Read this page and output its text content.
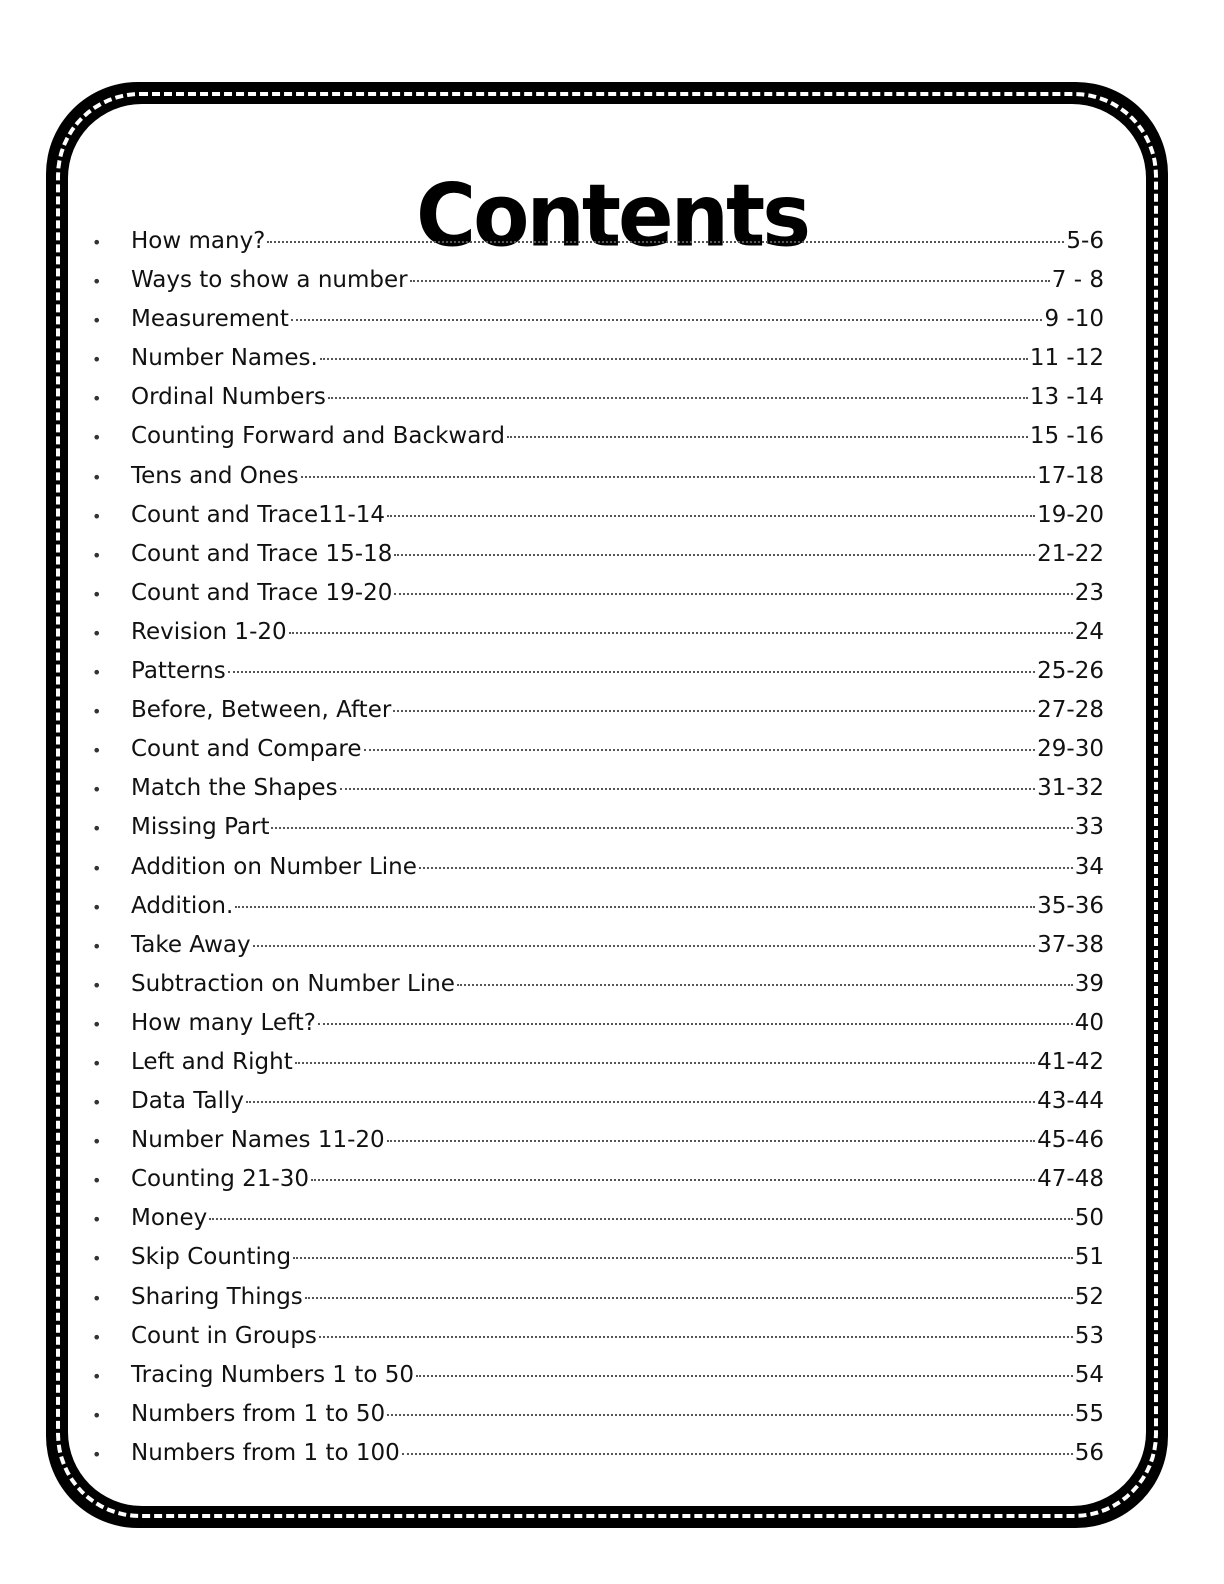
Contents
•	How many?	5-6
•	Ways to show a number	7 - 8
•	Measurement	9 -10
•	Number Names.	11 -12
•	Ordinal Numbers	13 -14
•	Counting Forward and Backward	15 -16
•	Tens and Ones	17-18
•	Count and Trace11-14	19-20
•	Count and Trace 15-18	21-22
•	Count and Trace 19-20	23
•	Revision 1-20	24
•	Patterns	25-26
•	Before, Between, After	27-28
•	Count and Compare	29-30
•	Match the Shapes	31-32
•	Missing Part	33
•	Addition on Number Line	34
•	Addition.	35-36
•	Take Away	37-38
•	Subtraction on Number Line	39
•	How many Left?	40
•	Left and Right	41-42
•	Data Tally	43-44
•	Number Names 11-20	45-46
•	Counting 21-30	47-48
•	Money	50
•	Skip Counting	51
•	Sharing Things	52
•	Count in Groups	53
•	Tracing Numbers 1 to 50	54
•	Numbers from 1 to 50	55
•	Numbers from 1 to 100	56
